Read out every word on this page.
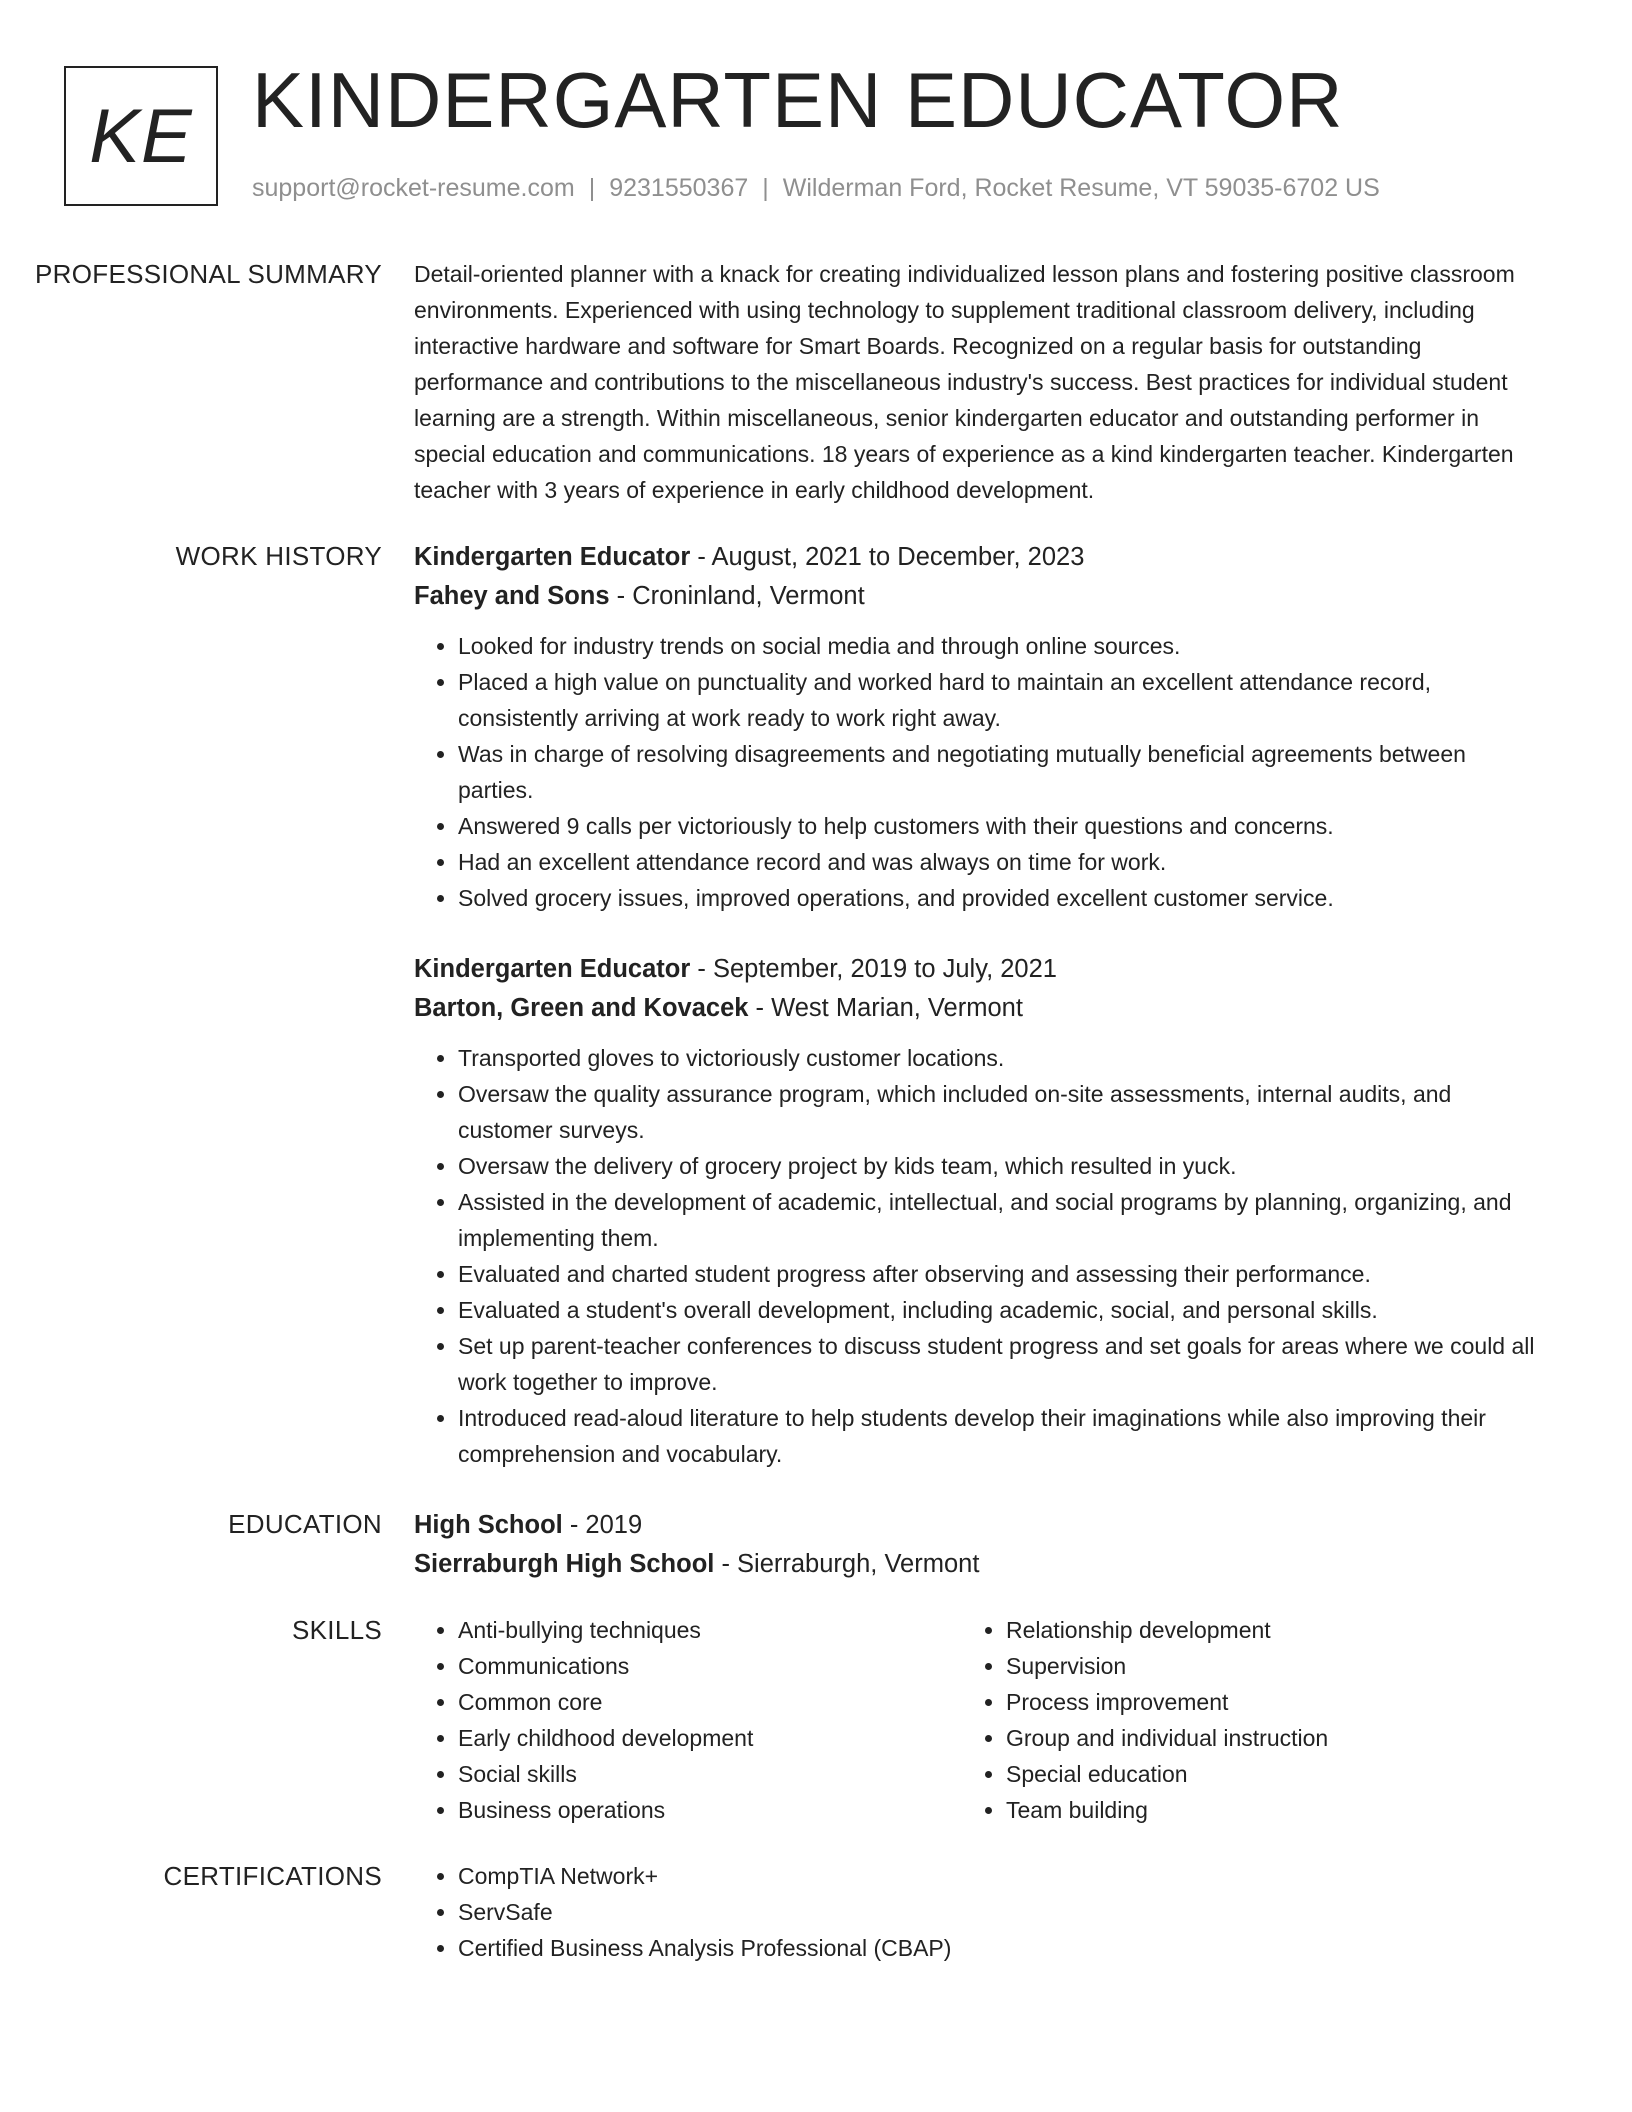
KE KINDERGARTEN EDUCATOR
support@rocket-resume.com | 9231550367 | Wilderman Ford, Rocket Resume, VT 59035-6702 US
PROFESSIONAL SUMMARY	Detail-oriented planner with a knack for creating individualized lesson plans and fostering positive classroom environments. Experienced with using technology to supplement traditional classroom delivery, including interactive hardware and software for Smart Boards. Recognized on a regular basis for outstanding performance and contributions to the miscellaneous industry's success. Best practices for individual student learning are a strength. Within miscellaneous, senior kindergarten educator and outstanding performer in special education and communications. 18 years of experience as a kind kindergarten teacher. Kindergarten teacher with 3 years of experience in early childhood development.

WORK HISTORY	Kindergarten Educator - August, 2021 to December, 2023
Fahey and Sons - Croninland, Vermont
• Looked for industry trends on social media and through online sources.
• Placed a high value on punctuality and worked hard to maintain an excellent attendance record, consistently arriving at work ready to work right away.
• Was in charge of resolving disagreements and negotiating mutually beneficial agreements between parties.
• Answered 9 calls per victoriously to help customers with their questions and concerns.
• Had an excellent attendance record and was always on time for work.
• Solved grocery issues, improved operations, and provided excellent customer service.
Kindergarten Educator - September, 2019 to July, 2021
Barton, Green and Kovacek - West Marian, Vermont
• Transported gloves to victoriously customer locations.
• Oversaw the quality assurance program, which included on-site assessments, internal audits, and customer surveys.
• Oversaw the delivery of grocery project by kids team, which resulted in yuck.
• Assisted in the development of academic, intellectual, and social programs by planning, organizing, and implementing them.
• Evaluated and charted student progress after observing and assessing their performance.
• Evaluated a student's overall development, including academic, social, and personal skills.
• Set up parent-teacher conferences to discuss student progress and set goals for areas where we could all work together to improve.
• Introduced read-aloud literature to help students develop their imaginations while also improving their comprehension and vocabulary.
EDUCATION	High School - 2019
Sierraburgh High School - Sierraburgh, Vermont
SKILLS	• Anti-bullying techniques
• Communications
• Common core
• Early childhood development
• Social skills
• Business operations
• Relationship development
• Supervision
• Process improvement
• Group and individual instruction
• Special education
• Team building
CERTIFICATIONS	• CompTIA Network+
• ServSafe
• Certified Business Analysis Professional (CBAP)
